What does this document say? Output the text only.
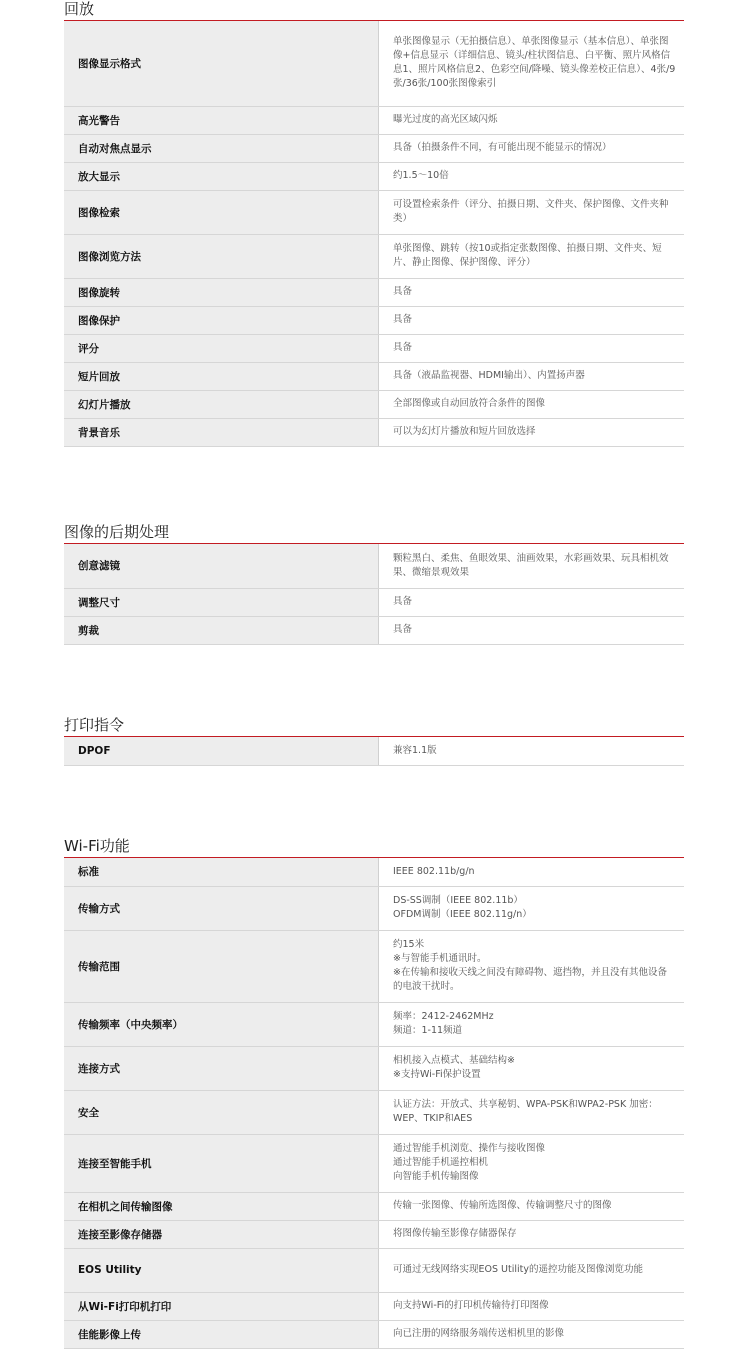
回放
图像显示格式	单张图像显示（无拍摄信息）、单张图像显示（基本信息）、单张图像+信息显示（详细信息、镜头/柱状图信息、白平衡、照片风格信息1、照片风格信息2、色彩空间/降噪、镜头像差校正信息）、4张/9张/36张/100张图像索引

高光警告	曝光过度的高光区域闪烁

自动对焦点显示	具备（拍摄条件不同，有可能出现不能显示的情况）

放大显示	约1.5～10倍

图像检索	可设置检索条件（评分、拍摄日期、文件夹、保护图像、文件夹种类）

图像浏览方法	单张图像、跳转（按10或指定张数图像、拍摄日期、文件夹、短片、静止图像、保护图像、评分）

图像旋转	具备

图像保护	具备

评分	具备

短片回放	具备（液晶监视器、HDMI输出）、内置扬声器

幻灯片播放	全部图像或自动回放符合条件的图像

背景音乐	可以为幻灯片播放和短片回放选择
图像的后期处理
创意滤镜	颗粒黑白、柔焦、鱼眼效果、油画效果，水彩画效果、玩具相机效果、微缩景观效果

调整尺寸	具备

剪裁	具备
打印指令
DPOF	兼容1.1版
Wi-Fi功能
标准	IEEE 802.11b/g/n

传输方式	DS-SS调制（IEEE 802.11b）
OFDM调制（IEEE 802.11g/n）

传输范围	约15米
※与智能手机通讯时。
※在传输和接收天线之间没有障碍物、遮挡物，并且没有其他设备的电波干扰时。

传输频率（中央频率）	频率：2412-2462MHz
频道：1-11频道

连接方式	相机接入点模式、基础结构※
※支持Wi-Fi保护设置

安全	认证方法：开放式、共享秘钥、WPA-PSK和WPA2-PSK 加密：WEP、TKIP和AES

连接至智能手机	通过智能手机浏览、操作与接收图像
通过智能手机遥控相机
向智能手机传输图像

在相机之间传输图像	传输一张图像、传输所选图像、传输调整尺寸的图像

连接至影像存储器	将图像传输至影像存储器保存

EOS Utility	可通过无线网络实现EOS Utility的遥控功能及图像浏览功能

从Wi-Fi打印机打印	向支持Wi-Fi的打印机传输待打印图像

佳能影像上传	向已注册的网络服务端传送相机里的影像
